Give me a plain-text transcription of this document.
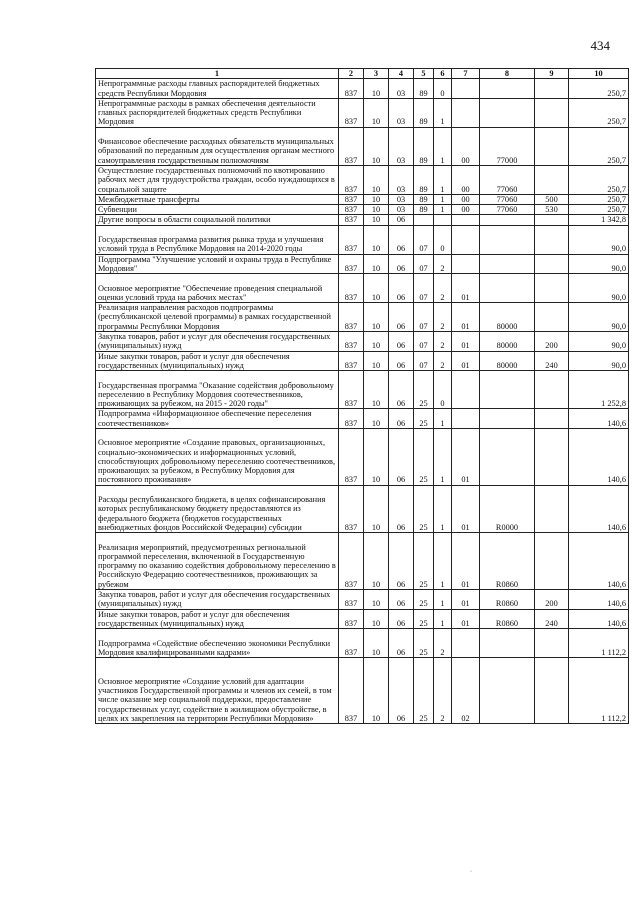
434
1	2	3	4	5	6	7	8	9	10
Непрограммные расходы главных распорядителей бюджетных средств Республики Мордовия	837	10	03	89	0				250,7
Непрограммные расходы в рамках обеспечения деятельности главных распорядителей бюджетных средств Республики Мордовия	837	10	03	89	1				250,7
Финансовое обеспечение расходных обязательств муниципальных образований по переданным для осуществления органам местного самоуправления государственным полномочиям	837	10	03	89	1	00	77000		250,7
Осуществление государственных полномочий по квотированию рабочих мест для трудоустройства граждан, особо нуждающихся в социальной защите	837	10	03	89	1	00	77060		250,7
Межбюджетные трансферты	837	10	03	89	1	00	77060	500	250,7
Субвенции	837	10	03	89	1	00	77060	530	250,7
Другие вопросы в области социальной политики	837	10	06						1 342,8
Государственная программа развития рынка труда и улучшения условий труда в Республике Мордовия на 2014-2020 годы	837	10	06	07	0				90,0
Подпрограмма "Улучшение условий и охраны труда в Республике Мордовия"	837	10	06	07	2				90,0
Основное мероприятие "Обеспечение проведения специальной оценки условий труда на рабочих местах"	837	10	06	07	2	01			90,0
Реализация направления расходов подпрограммы (республиканской целевой программы) в рамках государственной программы Республики Мордовия	837	10	06	07	2	01	80000		90,0
Закупка товаров, работ и услуг для обеспечения государственных (муниципальных) нужд	837	10	06	07	2	01	80000	200	90,0
Иные закупки товаров, работ и услуг для обеспечения государственных (муниципальных) нужд	837	10	06	07	2	01	80000	240	90,0
Государственная программа "Оказание содействия добровольному переселению в Республику Мордовия соотечественников, проживающих за рубежом, на 2015 - 2020 годы"	837	10	06	25	0				1 252,8
Подпрограмма «Информационное обеспечение переселения соотечественников»	837	10	06	25	1				140,6
Основное мероприятие «Создание правовых, организационных, социально-экономических и информационных условий, способствующих добровольному переселению соотечественников, проживающих за рубежом, в Республику Мордовия для постоянного проживания»	837	10	06	25	1	01			140,6
Расходы республиканского бюджета, в целях софинансирования которых республиканскому бюджету предоставляются из федерального бюджета (бюджетов государственных внебюджетных фондов Российской Федерации) субсидии	837	10	06	25	1	01	R0000		140,6
Реализация мероприятий, предусмотренных региональной программой переселения, включенной в Государственную программу по оказанию содействия добровольному переселению в Российскую Федерацию соотечественников, проживающих за рубежом	837	10	06	25	1	01	R0860		140,6
Закупка товаров, работ и услуг для обеспечения государственных (муниципальных) нужд	837	10	06	25	1	01	R0860	200	140,6
Иные закупки товаров, работ и услуг для обеспечения государственных (муниципальных) нужд	837	10	06	25	1	01	R0860	240	140,6
Подпрограмма «Содействие обеспечению экономики Республики Мордовия квалифицированными кадрами»	837	10	06	25	2				1 112,2
Основное мероприятие «Создание условий для адаптации участников Государственной программы и членов их семей, в том числе оказание мер социальной поддержки, предоставление государственных услуг, содействие в жилищном обустройстве, в целях их закрепления на территории Республики Мордовия»	837	10	06	25	2	02			1 112,2
·
